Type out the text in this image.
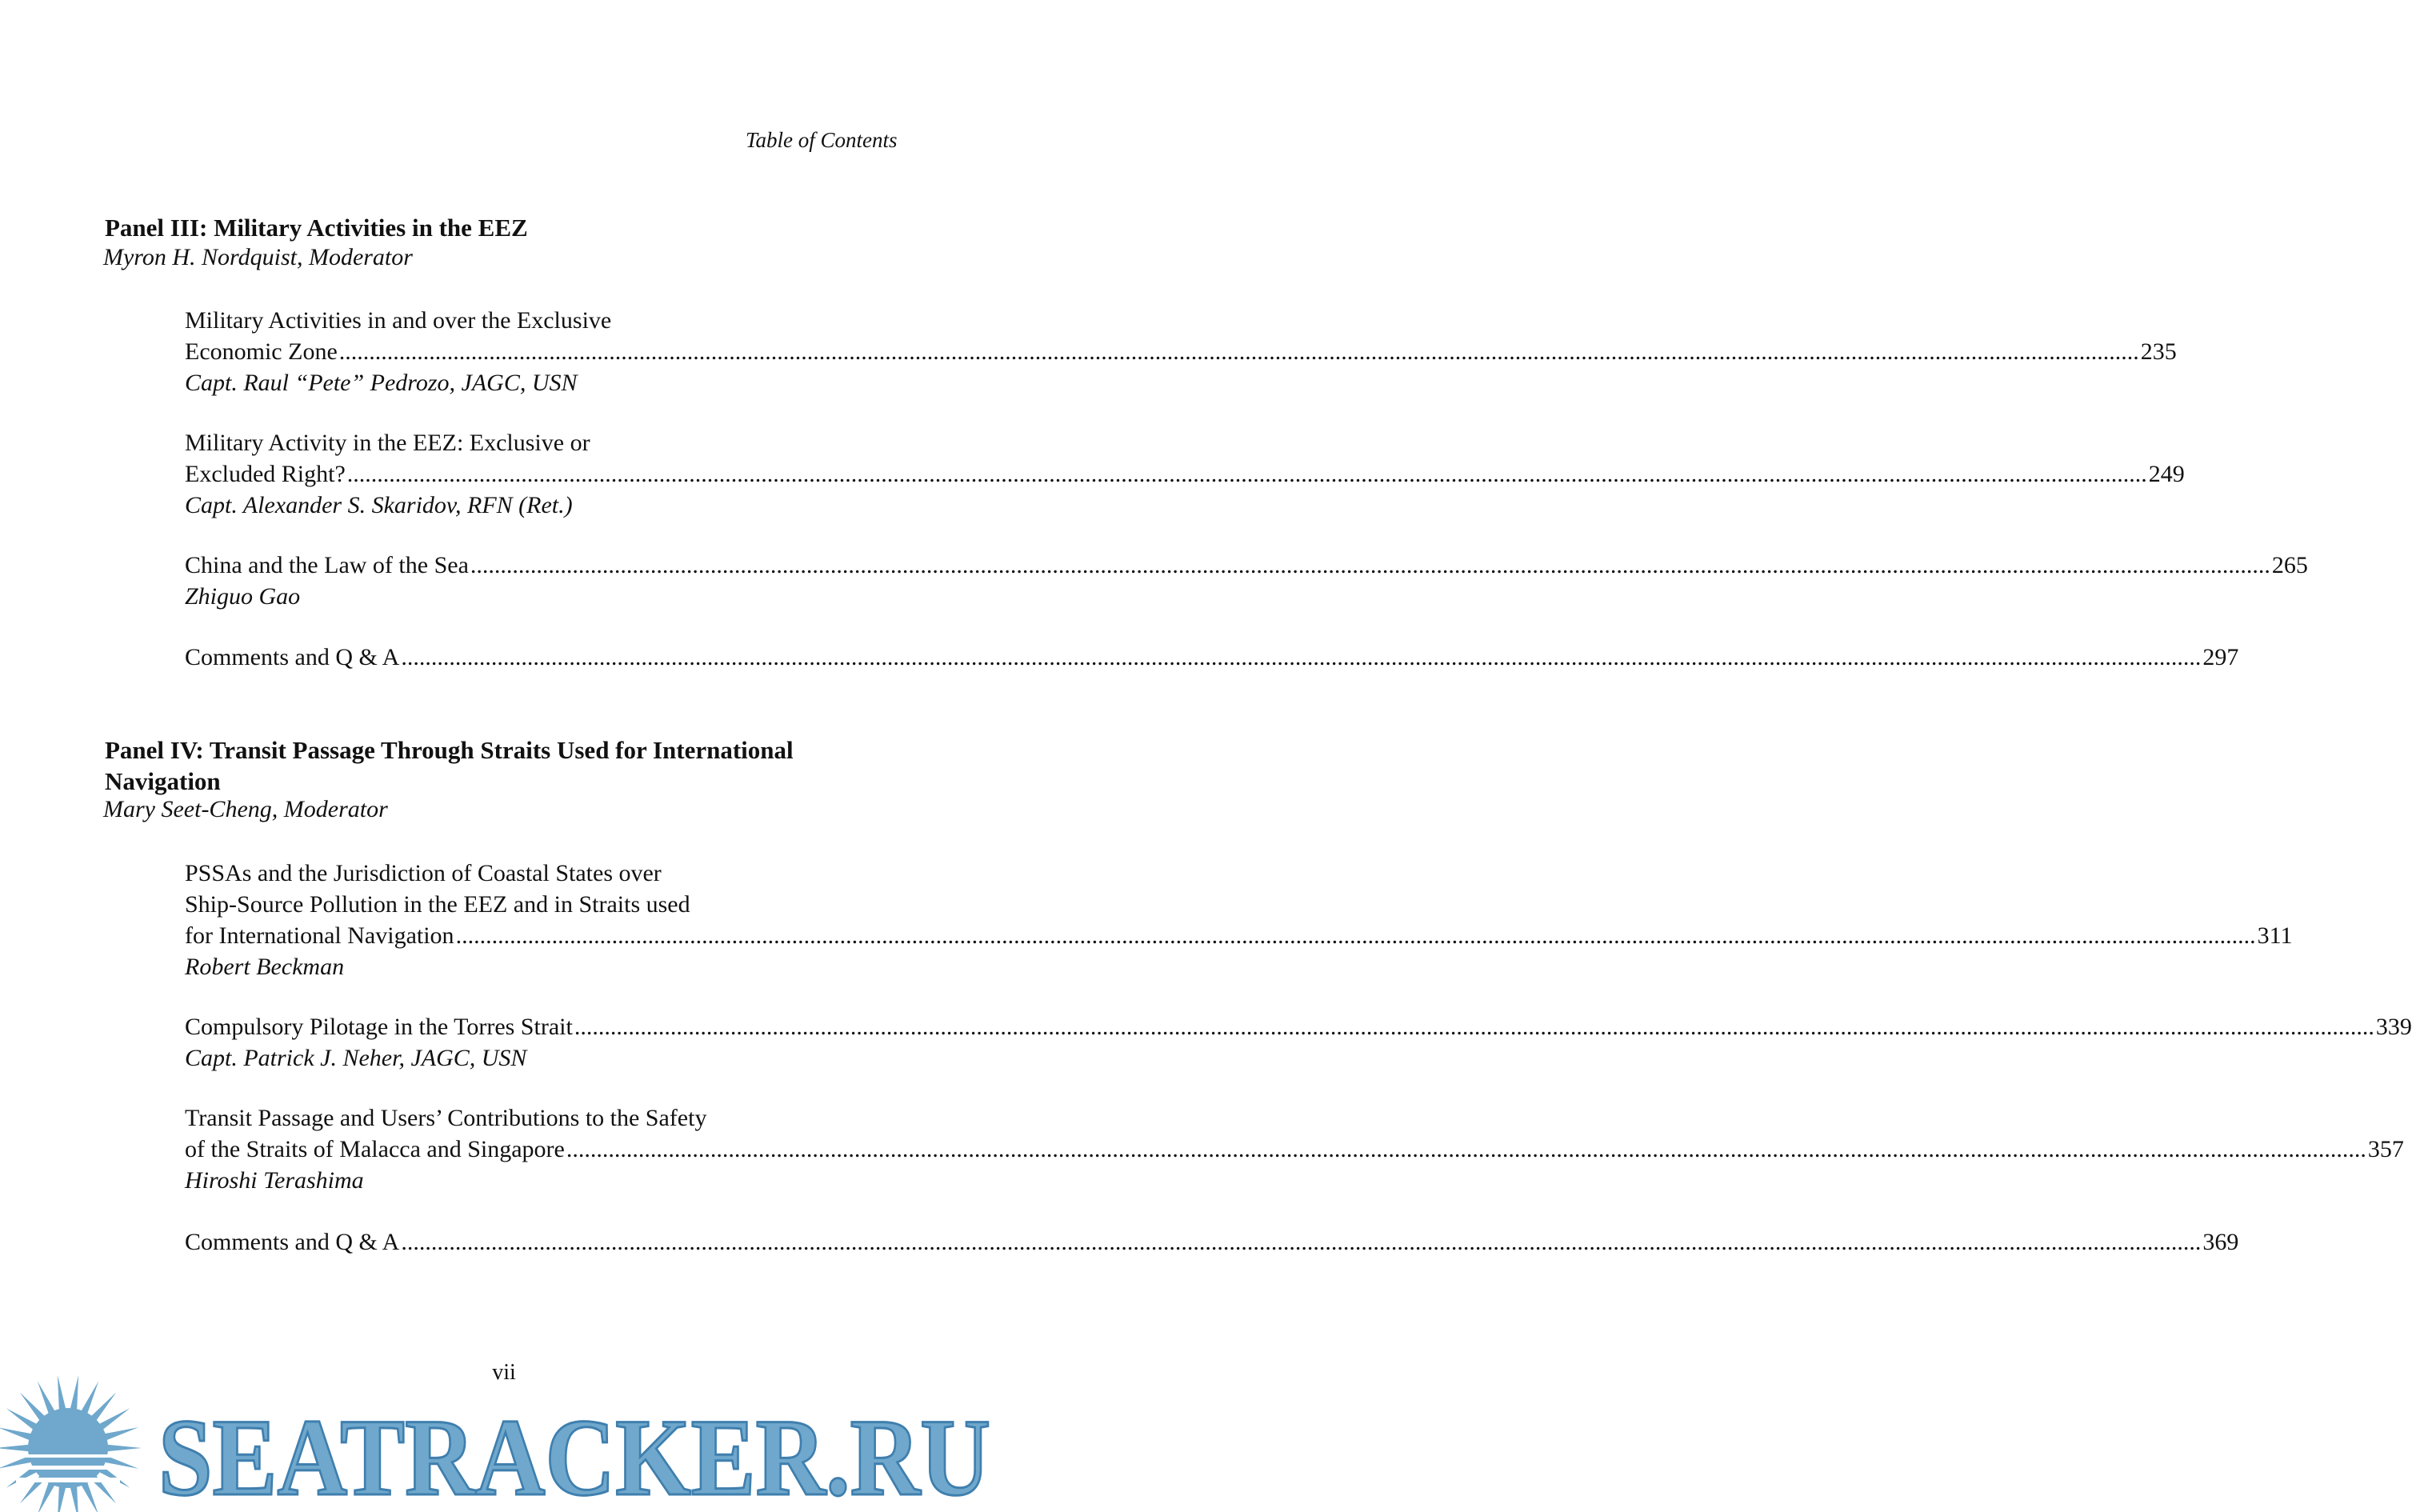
Table of Contents
Panel III: Military Activities in the EEZ
Myron H. Nordquist, Moderator
Military Activities in and over the Exclusive
Economic Zone ............................................................................................................................................................................................................................................................................................................ 235
Capt. Raul “Pete” Pedrozo, JAGC, USN
Military Activity in the EEZ: Exclusive or
Excluded Right? ............................................................................................................................................................................................................................................................................................................ 249
Capt. Alexander S. Skaridov, RFN (Ret.)
China and the Law of the Sea ............................................................................................................................................................................................................................................................................................................ 265
Zhiguo Gao
Comments and Q & A ............................................................................................................................................................................................................................................................................................................ 297
Panel IV: Transit Passage Through Straits Used for International Navigation
Mary Seet-Cheng, Moderator
PSSAs and the Jurisdiction of Coastal States over
Ship-Source Pollution in the EEZ and in Straits used
for International Navigation ............................................................................................................................................................................................................................................................................................................ 311
Robert Beckman
Compulsory Pilotage in the Torres Strait ............................................................................................................................................................................................................................................................................................................ 339
Capt. Patrick J. Neher, JAGC, USN
Transit Passage and Users’ Contributions to the Safety
of the Straits of Malacca and Singapore ............................................................................................................................................................................................................................................................................................................ 357
Hiroshi Terashima
Comments and Q & A ............................................................................................................................................................................................................................................................................................................ 369
SEATRACKER.RU
vii
